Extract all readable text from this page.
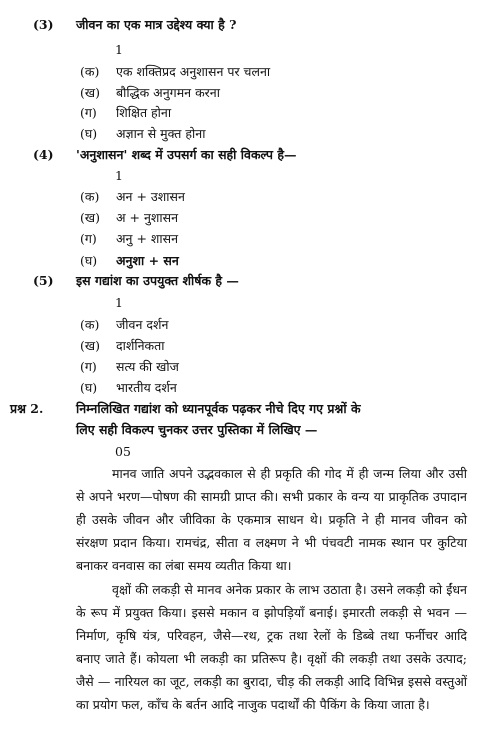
(3) जीवन का एक मात्र उद्देश्य क्या है ?
1
(क) एक शक्तिप्रद अनुशासन पर चलना
(ख) बौद्धिक अनुगमन करना
(ग) शिक्षित होना
(घ) अज्ञान से मुक्त होना
(4) 'अनुशासन' शब्द में उपसर्ग का सही विकल्प है—
1
(क) अन + उशासन
(ख) अ + नुशासन
(ग) अनु + शासन
(घ) अनुशा + सन
(5) इस गद्यांश का उपयुक्त शीर्षक है —
1
(क) जीवन दर्शन
(ख) दार्शनिकता
(ग) सत्य की खोज
(घ) भारतीय दर्शन
प्रश्न 2.	निम्नलिखित गद्यांश को ध्यानपूर्वक पढ़कर नीचे दिए गए प्रश्नों के
लिए सही विकल्प चुनकर उत्तर पुस्तिका में लिखिए —
05
मानव जाति अपने उद्भवकाल से ही प्रकृति की गोद में ही जन्म लिया और उसी से अपने भरण—पोषण की सामग्री प्राप्त की। सभी प्रकार के वन्य या प्राकृतिक उपादान ही उसके जीवन और जीविका के एकमात्र साधन थे। प्रकृति ने ही मानव जीवन को संरक्षण प्रदान किया। रामचंद्र, सीता व लक्ष्मण ने भी पंचवटी नामक स्थान पर कुटिया बनाकर वनवास का लंबा समय व्यतीत किया था।
वृक्षों की लकड़ी से मानव अनेक प्रकार के लाभ उठाता है। उसने लकड़ी को ईंधन के रूप में प्रयुक्त किया। इससे मकान व झोपड़ियाँ बनाई। इमारती लकड़ी से भवन — निर्माण, कृषि यंत्र, परिवहन, जैसे—रथ, ट्रक तथा रेलों के डिब्बे तथा फर्नीचर आदि बनाए जाते हैं। कोयला भी लकड़ी का प्रतिरूप है। वृक्षों की लकड़ी तथा उसके उत्पाद; जैसे — नारियल का जूट, लकड़ी का बुरादा, चीड़ की लकड़ी आदि विभिन्न इससे वस्तुओं का प्रयोग फल, काँच के बर्तन आदि नाजुक पदार्थों की पैकिंग के किया जाता है।
